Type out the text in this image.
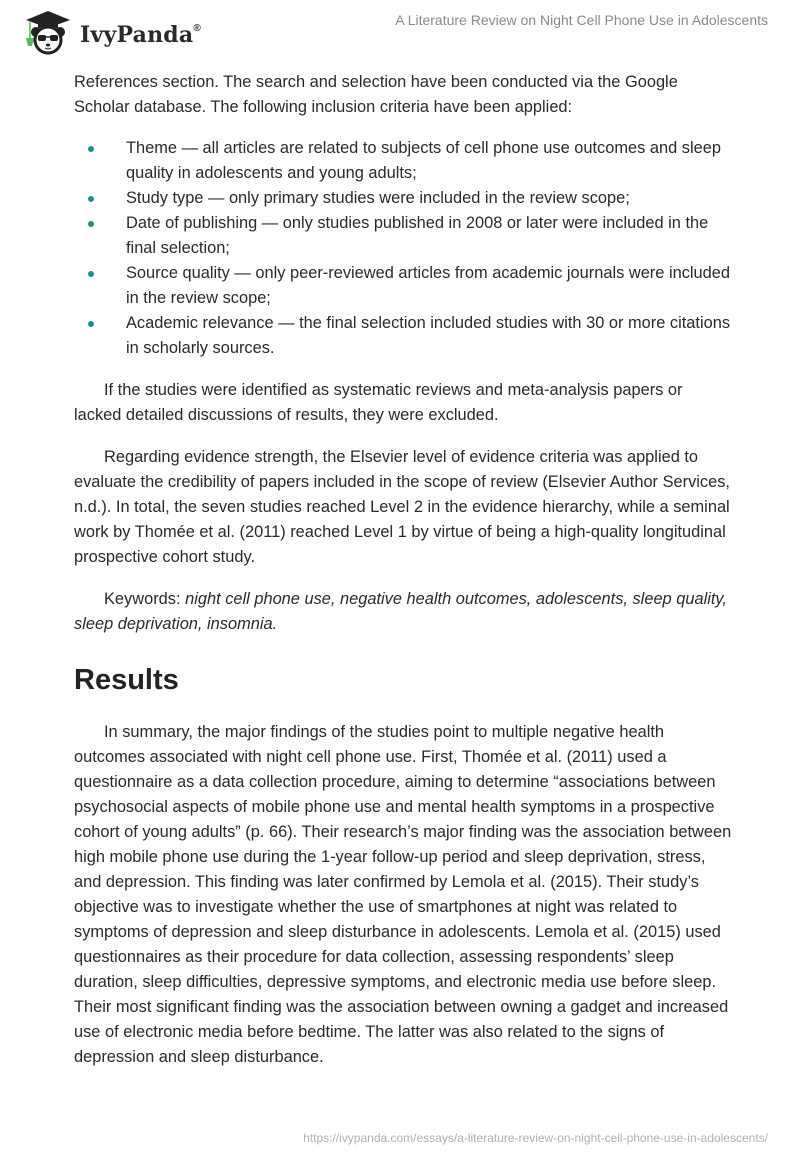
IvyPanda®
A Literature Review on Night Cell Phone Use in Adolescents

References section. The search and selection have been conducted via the Google Scholar database. The following inclusion criteria have been applied:

Theme — all articles are related to subjects of cell phone use outcomes and sleep quality in adolescents and young adults;
Study type — only primary studies were included in the review scope;
Date of publishing — only studies published in 2008 or later were included in the final selection;
Source quality — only peer-reviewed articles from academic journals were included in the review scope;
Academic relevance — the final selection included studies with 30 or more citations in scholarly sources.

If the studies were identified as systematic reviews and meta-analysis papers or lacked detailed discussions of results, they were excluded.

Regarding evidence strength, the Elsevier level of evidence criteria was applied to evaluate the credibility of papers included in the scope of review (Elsevier Author Services, n.d.). In total, the seven studies reached Level 2 in the evidence hierarchy, while a seminal work by Thomée et al. (2011) reached Level 1 by virtue of being a high-quality longitudinal prospective cohort study.

Keywords: night cell phone use, negative health outcomes, adolescents, sleep quality, sleep deprivation, insomnia.

Results

In summary, the major findings of the studies point to multiple negative health outcomes associated with night cell phone use. First, Thomée et al. (2011) used a questionnaire as a data collection procedure, aiming to determine “associations between psychosocial aspects of mobile phone use and mental health symptoms in a prospective cohort of young adults” (p. 66). Their research’s major finding was the association between high mobile phone use during the 1-year follow-up period and sleep deprivation, stress, and depression. This finding was later confirmed by Lemola et al. (2015). Their study’s objective was to investigate whether the use of smartphones at night was related to symptoms of depression and sleep disturbance in adolescents. Lemola et al. (2015) used questionnaires as their procedure for data collection, assessing respondents’ sleep duration, sleep difficulties, depressive symptoms, and electronic media use before sleep. Their most significant finding was the association between owning a gadget and increased use of electronic media before bedtime. The latter was also related to the signs of depression and sleep disturbance.

https://ivypanda.com/essays/a-literature-review-on-night-cell-phone-use-in-adolescents/
